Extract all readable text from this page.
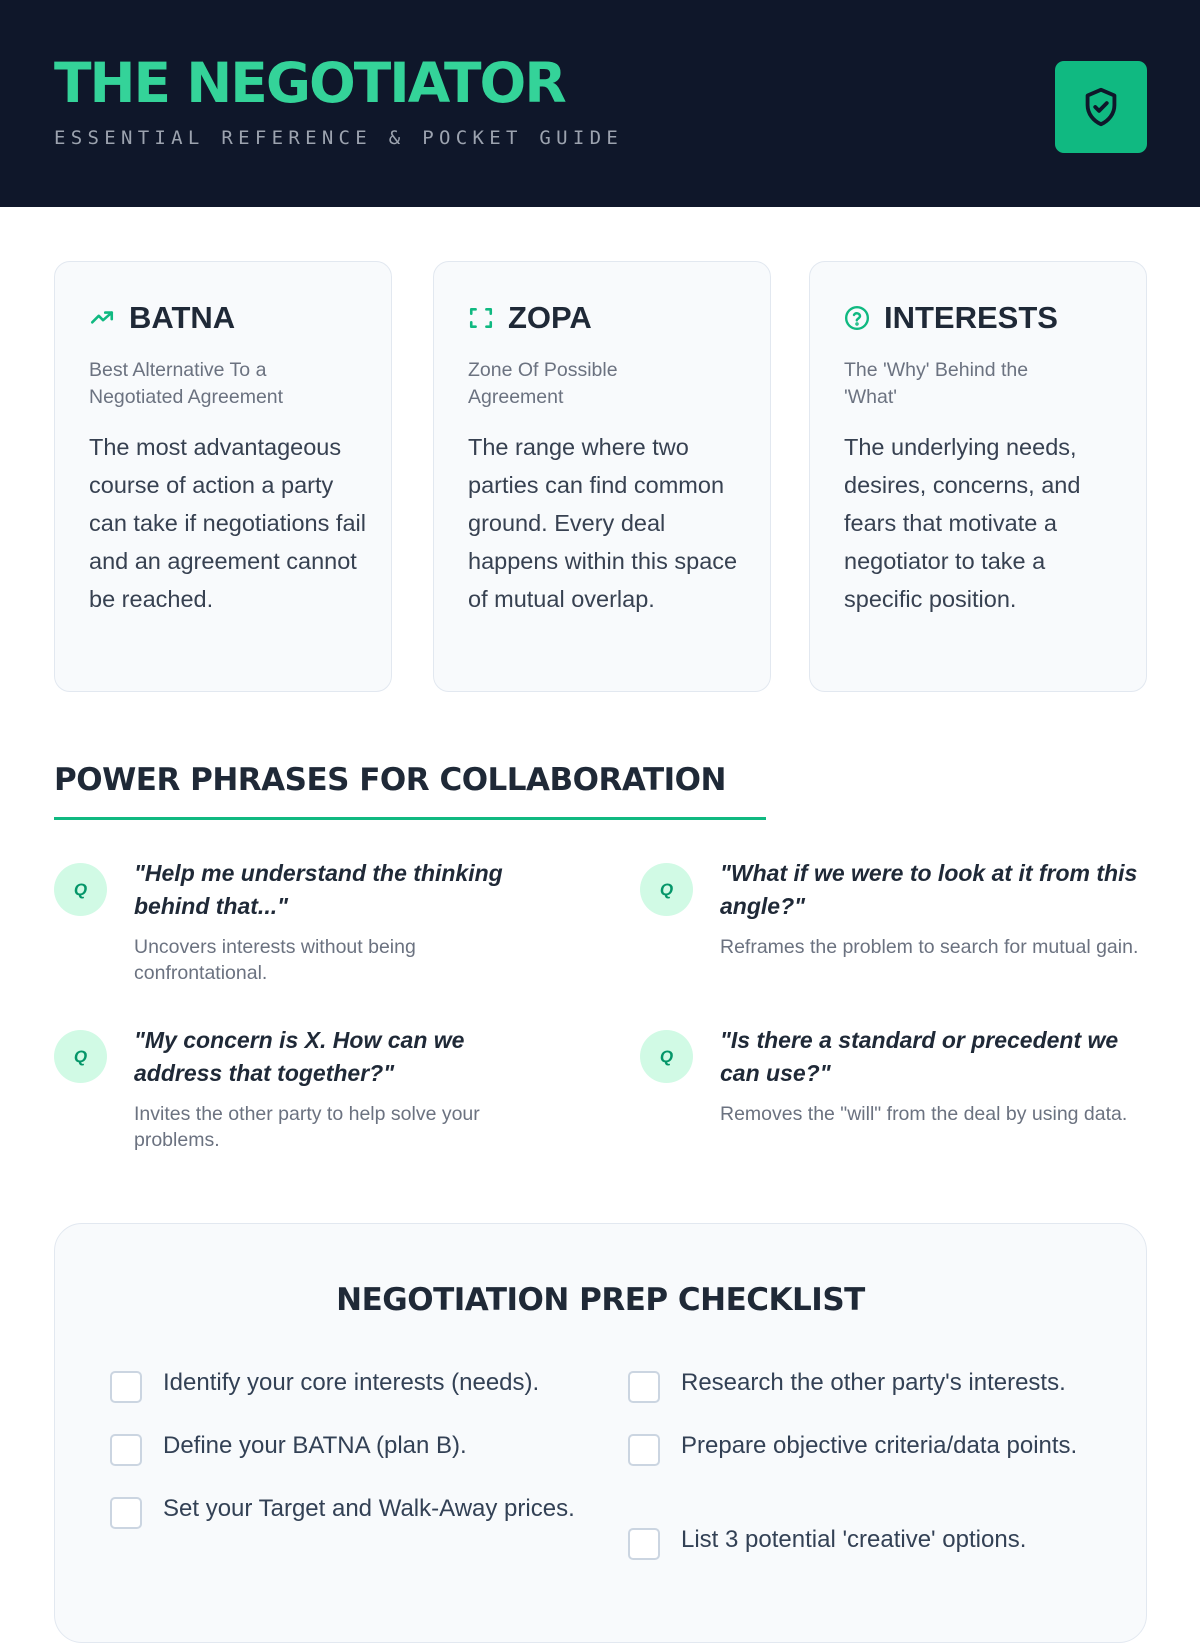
THE NEGOTIATOR
ESSENTIAL REFERENCE & POCKET GUIDE
BATNA
Best Alternative To a Negotiated Agreement
The most advantageous course of action a party can take if negotiations fail and an agreement cannot be reached.
ZOPA
Zone Of Possible Agreement
The range where two parties can find common ground. Every deal happens within this space of mutual overlap.
INTERESTS
The 'Why' Behind the 'What'
The underlying needs, desires, concerns, and fears that motivate a negotiator to take a specific position.
POWER PHRASES FOR COLLABORATION
Q
"Help me understand the thinking behind that..."
Uncovers interests without being confrontational.
Q
"What if we were to look at it from this angle?"
Reframes the problem to search for mutual gain.
Q
"My concern is X. How can we address that together?"
Invites the other party to help solve your problems.
Q
"Is there a standard or precedent we can use?"
Removes the "will" from the deal by using data.
NEGOTIATION PREP CHECKLIST
Identify your core interests (needs).
Define your BATNA (plan B).
Set your Target and Walk-Away prices.
Research the other party's interests.
Prepare objective criteria/data points.
List 3 potential 'creative' options.
